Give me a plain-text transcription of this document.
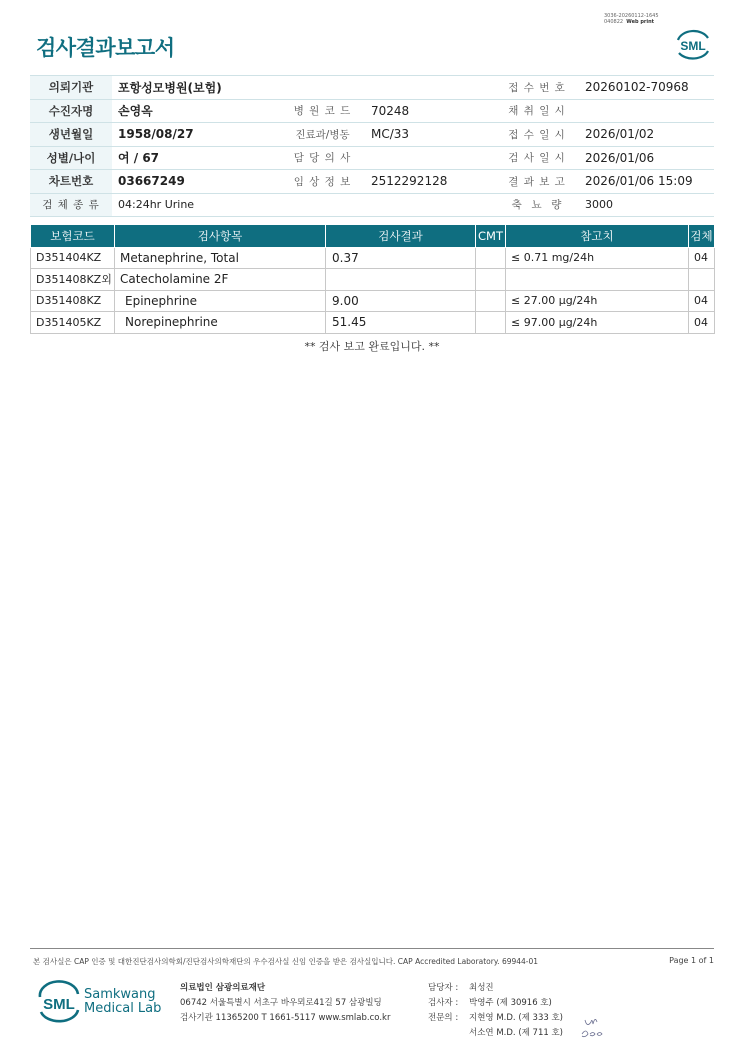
검사결과보고서
3036-20260112-1645
040822 Web print
SML
의뢰기관	포항성모병원(보험)			접 수 번 호	20260102-70968
수진자명	손영옥	병 원 코 드	70248	채 취 일 시	
생년월일	1958/08/27	진료과/병동	MC/33	접 수 일 시	2026/01/02
성별/나이	여 / 67	담 당 의 사		검 사 일 시	2026/01/06
차트번호	03667249	임 상 정 보	2512292128	결 과 보 고	2026/01/06 15:09
검 체 종 류	04:24hr Urine			축  뇨  량	3000
보험코드	검사항목	검사결과	CMT	참고치	검체
D351404KZ	Metanephrine, Total	0.37		≤ 0.71 mg/24h	04
D351408KZ외	Catecholamine 2F				
D351408KZ	Epinephrine	9.00		≤ 27.00 μg/24h	04
D351405KZ	Norepinephrine	51.45		≤ 97.00 μg/24h	04
** 검사 보고 완료입니다. **
본 검사실은 CAP 인증 및 대한진단검사의학회/진단검사의학재단의 우수검사실 신임 인증을 받은 검사실입니다. CAP Accredited Laboratory. 69944-01	Page 1 of 1
SML
Samkwang
Medical Lab
의료법인 삼광의료재단
06742 서울특별시 서초구 바우뫼로41길 57 삼광빌딩
검사기관 11365200 T 1661-5117 www.smlab.co.kr
담당자 :	최성진
검사자 :	박영주 (제 30916 호)
전문의 :	지현영 M.D. (제 333 호)
서소연 M.D. (제 711 호)
